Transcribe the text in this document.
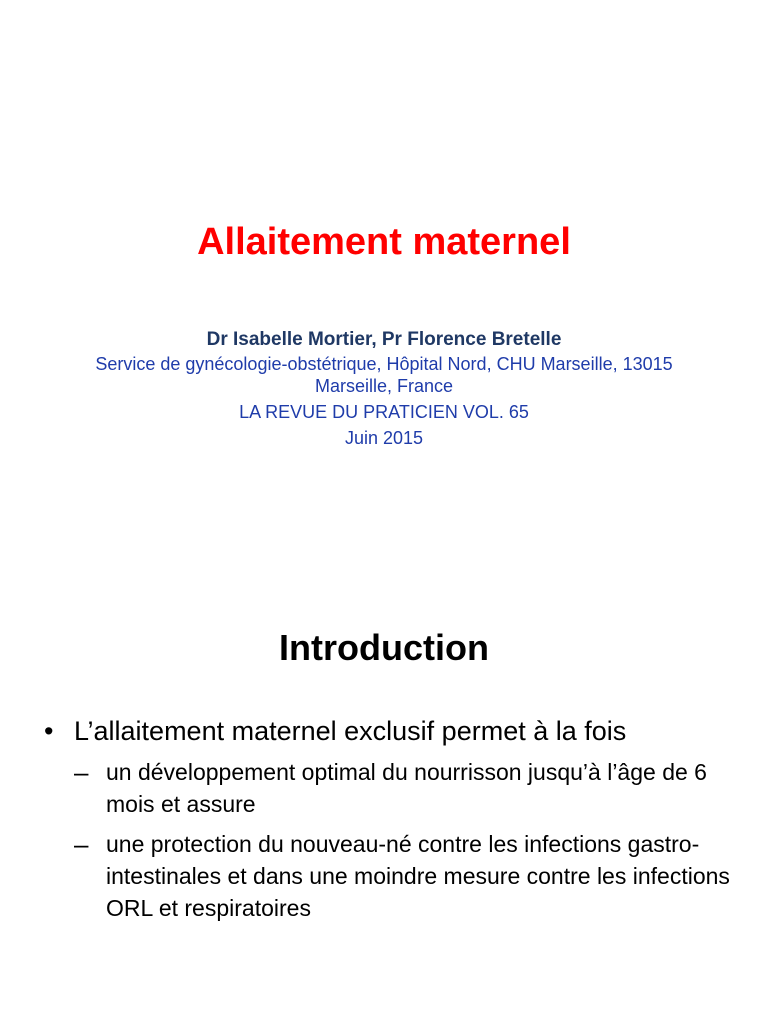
Allaitement maternel
Dr Isabelle Mortier, Pr Florence Bretelle
Service de gynécologie-obstétrique, Hôpital Nord, CHU Marseille, 13015 Marseille, France
LA REVUE DU PRATICIEN VOL. 65
Juin 2015
Introduction
• L’allaitement maternel exclusif permet à la fois
– un développement optimal du nourrisson jusqu’à l’âge de 6 mois et assure
– une protection du nouveau-né contre les infections gastro-intestinales et dans une moindre mesure contre les infections ORL et respiratoires
